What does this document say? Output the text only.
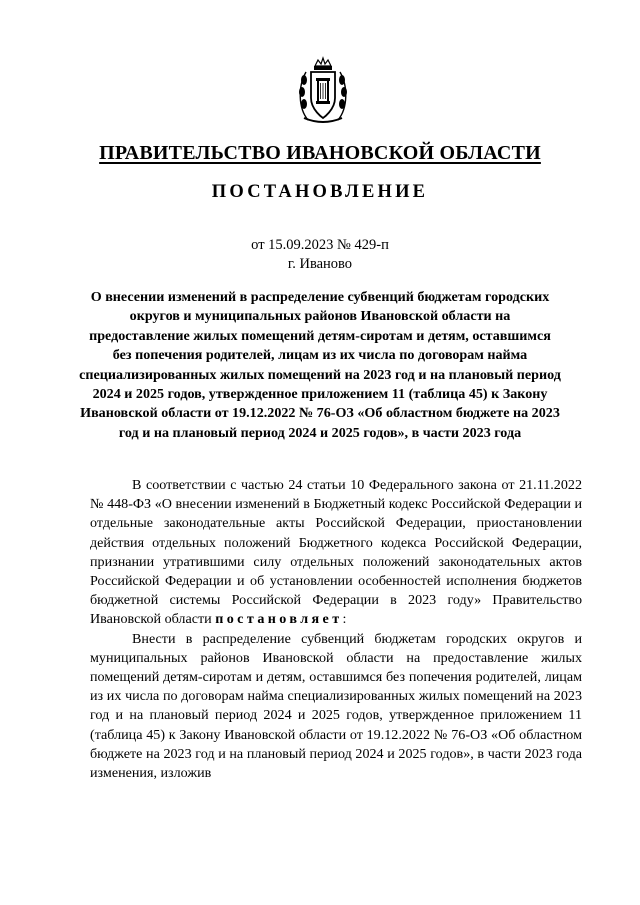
ПРАВИТЕЛЬСТВО ИВАНОВСКОЙ ОБЛАСТИ
ПОСТАНОВЛЕНИЕ
от 15.09.2023 № 429-п
г. Иваново
О внесении изменений в распределение субвенций бюджетам городских округов и муниципальных районов Ивановской области на предоставление жилых помещений детям-сиротам и детям, оставшимся без попечения родителей, лицам из их числа по договорам найма специализированных жилых помещений на 2023 год и на плановый период 2024 и 2025 годов, утвержденное приложением 11 (таблица 45) к Закону Ивановской области от 19.12.2022 № 76-ОЗ «Об областном бюджете на 2023 год и на плановый период 2024 и 2025 годов», в части 2023 года

В соответствии с частью 24 статьи 10 Федерального закона от 21.11.2022 № 448-ФЗ «О внесении изменений в Бюджетный кодекс Российской Федерации и отдельные законодательные акты Российской Федерации, приостановлении действия отдельных положений Бюджетного кодекса Российской Федерации, признании утратившими силу отдельных положений законодательных актов Российской Федерации и об установлении особенностей исполнения бюджетов бюджетной системы Российской Федерации в 2023 году» Правительство Ивановской области постановляет:

Внести в распределение субвенций бюджетам городских округов и муниципальных районов Ивановской области на предоставление жилых помещений детям-сиротам и детям, оставшимся без попечения родителей, лицам из их числа по договорам найма специализированных жилых помещений на 2023 год и на плановый период 2024 и 2025 годов, утвержденное приложением 11 (таблица 45) к Закону Ивановской области от 19.12.2022 № 76-ОЗ «Об областном бюджете на 2023 год и на плановый период 2024 и 2025 годов», в части 2023 года изменения, изложив
